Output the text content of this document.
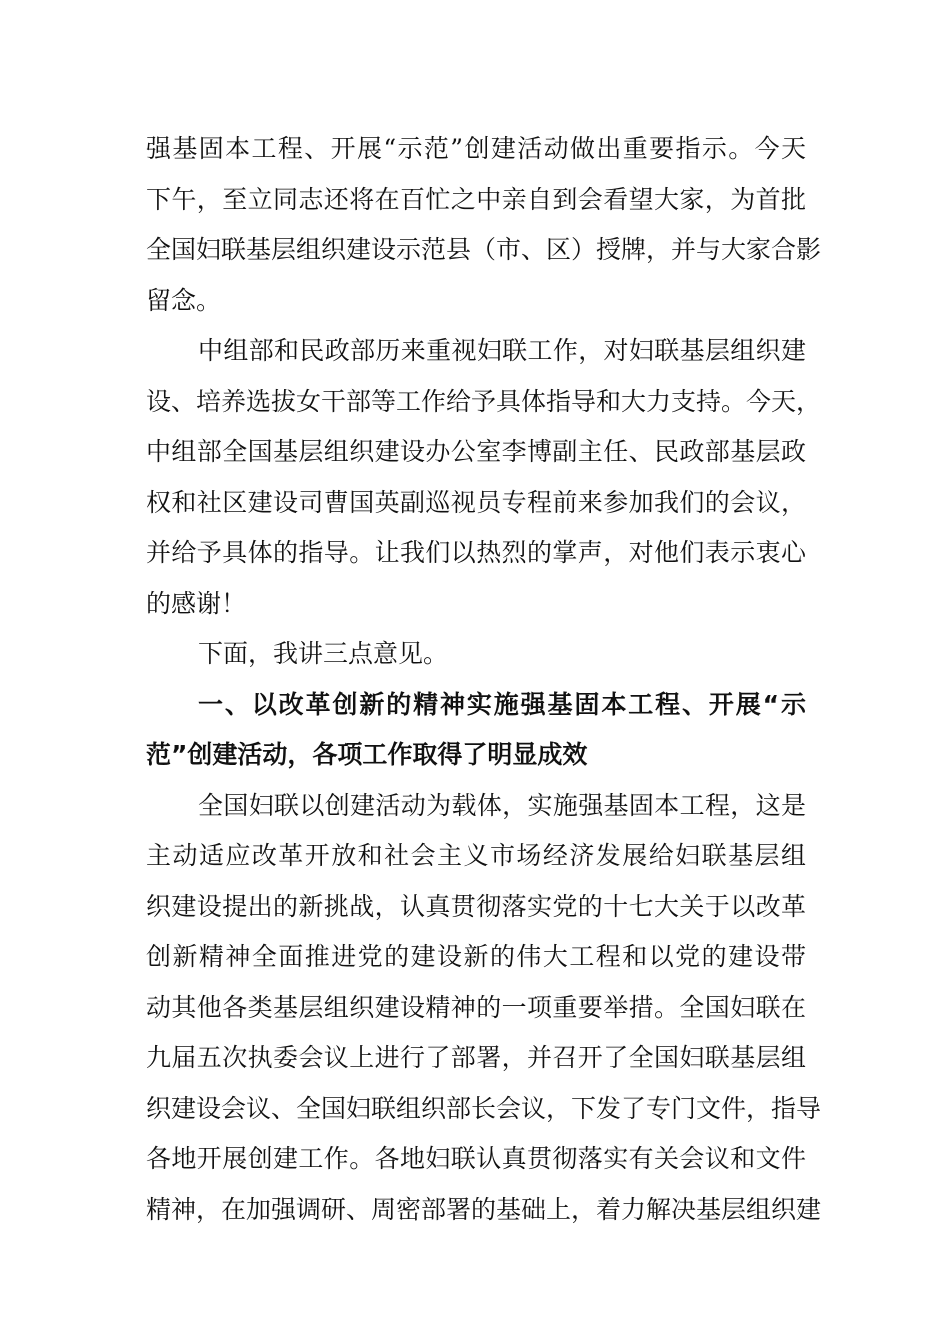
强基固本工程、开展“示范”创建活动做出重要指示。今天
下午，至立同志还将在百忙之中亲自到会看望大家，为首批
全国妇联基层组织建设示范县（市、区）授牌，并与大家合影
留念。
中组部和民政部历来重视妇联工作，对妇联基层组织建
设、培养选拔女干部等工作给予具体指导和大力支持。今天，
中组部全国基层组织建设办公室李博副主任、民政部基层政
权和社区建设司曹国英副巡视员专程前来参加我们的会议，
并给予具体的指导。让我们以热烈的掌声，对他们表示衷心
的感谢！
下面，我讲三点意见。
一、以改革创新的精神实施强基固本工程、开展“示
范”创建活动，各项工作取得了明显成效
全国妇联以创建活动为载体，实施强基固本工程，这是
主动适应改革开放和社会主义市场经济发展给妇联基层组
织建设提出的新挑战，认真贯彻落实党的十七大关于以改革
创新精神全面推进党的建设新的伟大工程和以党的建设带
动其他各类基层组织建设精神的一项重要举措。全国妇联在
九届五次执委会议上进行了部署，并召开了全国妇联基层组
织建设会议、全国妇联组织部长会议，下发了专门文件，指导
各地开展创建工作。各地妇联认真贯彻落实有关会议和文件
精神，在加强调研、周密部署的基础上，着力解决基层组织建
